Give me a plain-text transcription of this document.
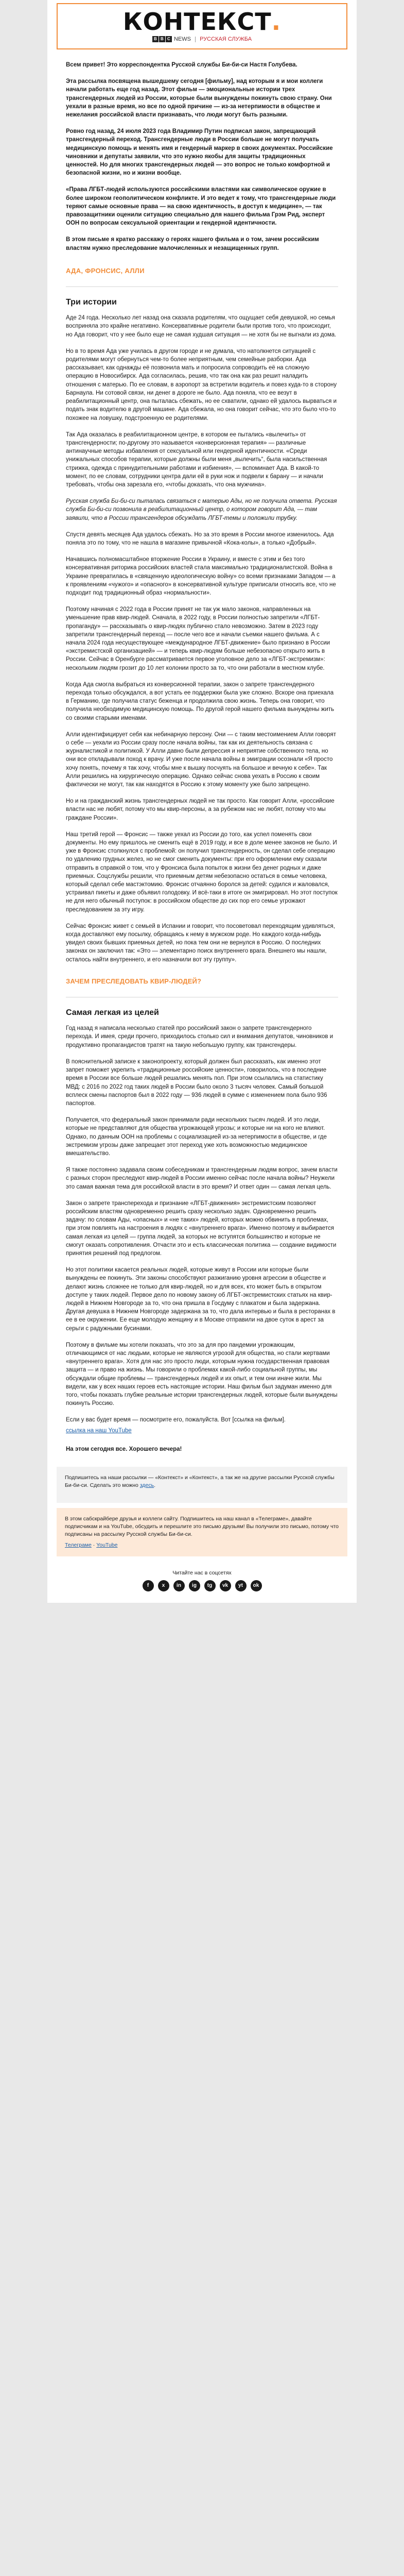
КОНТЕКСТ.
B B C NEWS РУССКАЯ СЛУЖБА

Всем привет! Это корреспондентка Русской службы Би-би-си Настя Голубева.

Эта рассылка посвящена вышедшему сегодня [фильму], над которым я и мои коллеги начали работать еще год назад. Этот фильм — эмоциональные истории трех трансгендерных людей из России, которые были вынуждены покинуть свою страну. Они уехали в разные время, но все по одной причине — из-за нетерпимости в обществе и нежелания российской власти признавать, что люди могут быть разными.

Ровно год назад, 24 июля 2023 года Владимир Путин подписал закон, запрещающий трансгендерный переход. Трансгендерные люди в России больше не могут получать медицинскую помощь и менять имя и гендерный маркер в своих документах. Российские чиновники и депутаты заявили, что это нужно якобы для защиты традиционных ценностей. Но для многих трансгендерных людей — это вопрос не только комфортной и безопасной жизни, но и жизни вообще.

«Права ЛГБТ-людей используются российскими властями как символическое оружие в более широком геополитическом конфликте. И это ведет к тому, что трансгендерные люди теряют самые основные права — на свою идентичность, в доступ к медицине», — так правозащитники оценили ситуацию специально для нашего фильма Грэм Рид, эксперт ООН по вопросам сексуальной ориентации и гендерной идентичности.

В этом письме я кратко расскажу о героях нашего фильма и о том, зачем российским властям нужно преследование малочисленных и незащищенных групп.

АДА, ФРОНСИС, АЛЛИ
Три истории

Аде 24 года. Несколько лет назад она сказала родителям, что ощущает себя девушкой, но семья восприняла это крайне негативно. Консервативные родители были против того, что происходит, но Ада говорит, что у нее было еще не самая худшая ситуация — не хотя бы не выгнали из дома.

Но в то время Ада уже училась в другом городе и не думала, что натолкнется ситуацией с родителями могут обернуться чем-то более неприятным, чем семейные разборки. Ада рассказывает, как однажды её позвонила мать и попросила сопроводить её на сложную операцию в Новосибирск. Ада согласилась, решив, что так она как раз решит наладить отношения с матерью. По ее словам, в аэропорт за встретили водитель и повез куда-то в сторону Барнаула. Ни сотовой связи, ни денег в дороге не было. Ада поняла, что ее везут в реабилитационный центр, она пыталась сбежать, но ее схватили, однако ей удалось вырваться и подать знак водителю в другой машине. Ада сбежала, но она говорит сейчас, что это было что-то похожее на ловушку, подстроенную ее родителями.

Так Ада оказалась в реабилитационном центре, в котором ее пытались «вылечить» от трансгендерности; по-другому это называется «конверсионная терапия» — различные антинаучные методы избавления от сексуальной или гендерной идентичности. «Среди унижальных способов терапии, которые должны были меня „вылечить“, была насильственная стрижка, одежда с принудительными работами и избиения», — вспоминает Ада. В какой-то момент, по ее словам, сотрудники центра дали ей в руки нож и подвели к барану — и начали требовать, чтобы она зарезала его, «чтобы доказать, что она мужчина».

Русская служба Би-би-си пыталась связаться с матерью Ады, но не получила ответа. Русская служба Би-би-си позвонила в реабилитационный центр, о котором говорит Ада, — там заявили, что в России трансгендеров обсуждать ЛГБТ-темы и положили трубку.

Спустя девять месяцев Ада удалось сбежать. Но за это время в России многое изменилось. Ада поняла это по тому, что не нашла в магазине привычной «Кока-колы», а только «Добрый».

Начавшись полномасштабное вторжение России в Украину, и вместе с этим и без того консервативная риторика российских властей стала максимально традиционалистской. Война в Украине превратилась в «священную идеологическую войну» со всеми признаками Западом — а к проявлениям «чужого» и «опасного» в консервативной культуре приписали относить все, что не подходит под традиционный образ «нормальности».

Поэтому начиная с 2022 года в России принят не так уж мало законов, направленных на уменьшение прав квир-людей. Сначала, в 2022 году, в России полностью запретили «ЛГБТ-пропаганду» — рассказывать о квир-людях публично стало невозможно. Затем в 2023 году запретили трансгендерный переход — после чего все и начали съемки нашего фильма. А с начала 2024 года несуществующее «международное ЛГБТ-движение» было признано в России «экстремистской организацией» — и теперь квир-людям больше небезопасно открыто жить в России. Сейчас в Оренбурге рассматривается первое уголовное дело за «ЛГБТ-экстремизм»: нескольким людям грозит до 10 лет колонии просто за то, что они работали в местном клубе.

Когда Ада смогла выбраться из конверсионной терапии, закон о запрете трансгендерного перехода только обсуждался, а вот устать ее поддержки была уже сложно. Вскоре она приехала в Германию, где получила статус беженца и продолжила свою жизнь. Теперь она говорит, что получила необходимую медицинскую помощь. По другой герой нашего фильма вынуждены жить со своими старыми именами.

Алли идентифицирует себя как небинарную персону. Они — с таким местоимением Алли говорят о себе — уехали из России сразу после начала войны, так как их деятельность связана с журналистикой и политикой. У Алли давно были депрессия и неприятие собственного тела, но они все откладывали поход к врачу. И уже после начала войны в эмиграции осознали «Я просто хочу понять, почему я так хочу, чтобы мне к вышку посчуять на большое и вечную к себе». Так Алли решились на хирургическую операцию. Однако сейчас снова уехать в Россию к своим фактически не могут, так как находятся в Россию к этому моменту уже было запрещено.

Но и на гражданский жизнь трансгендерных людей не так просто. Как говорит Алли, «российские власти нас не любят, потому что мы квир-персоны, а за рубежом нас не любят, потому что мы граждане России».

Наш третий герой — Фронсис — также уехал из России до того, как успел поменять свои документы. Но ему пришлось не сменить ещё в 2019 году, и все в доле менее законов не было. И уже в Фронсис столкнулся с проблемой: он получил трансгендерность, он сделал себе операцию по удалению грудных желез, но не смог сменить документы: при его оформлении ему сказали отправить в справкой о том, что у Фронсиса была попыток в жизни без денег родных и даже приемных. Соцслужбы решили, что приемным детям небезопасно остаться в семье человека, который сделал себе мастэктомию. Фронсис отчаянно боролся за детей: судился и жаловался, устраивал пикеты и даже объявил голодовку. И всё-таки в итоге он эмигрировал. Но этот поступок не для него обычный поступок: в российском обществе до сих пор его семье угрожают преследованием за эту игру.

Сейчас Фронсис живет с семьей в Испании и говорит, что посоветовал переходящим удивляться, когда доставляют ему посылку, обращаясь к нему в мужском роде. Но каждого когда-нибудь увидел своих бывших приемных детей, но пока тем они не вернулся в Россию. О последних законах он заключил так: «Это — элементарно поиск внутреннего врага. Внешнего мы нашли, осталось найти внутреннего, и его назначили вот эту группу».

ЗАЧЕМ ПРЕСЛЕДОВАТЬ КВИР-ЛЮДЕЙ?
Самая легкая из целей

Год назад я написала несколько статей про российский закон о запрете трансгендерного перехода. И имея, среди прочего, приходилось столько сил и внимания депутатов, чиновников и продуктивно пропагандистов тратят на такую небольшую группу, как трансгендеры.

В пояснительной записке к законопроекту, который должен был рассказать, как именно этот запрет поможет укрепить «традиционные российские ценности», говорилось, что в последние время в России все больше людей решались менять пол. При этом ссылались на статистику МВД: с 2016 по 2022 год таких людей в России было около 3 тысяч человек. Самый большой всплеск смены паспортов был в 2022 году — 936 людей в сумме с изменением пола было 936 паспортов.

Получается, что федеральный закон принимали ради нескольких тысяч людей. И это люди, которые не представляют для общества угрожающей угрозы; и которые ни на кого не влияют. Однако, по данным ООН на проблемы с социализацией из-за нетерпимости в обществе, и где экстремизм угрозы даже запрещает этот переход уже хоть возможностью медицинское вмешательство.

Я также постоянно задавала своим собеседникам и трансгендерным людям вопрос, зачем власти с разных сторон преследуют квир-людей в России именно сейчас после начала войны? Неужели это самая важная тема для российской власти в это время? И ответ один — самая легкая цель.

Закон о запрете трансперехода и признание «ЛГБТ-движения» экстремистским позволяют российским властям одновременно решить сразу несколько задач. Одновременно решить задачу: по словам Ады, «опасных» и «не таких» людей, которых можно обвинить в проблемах, при этом повлиять на настроения в людях с «внутреннего врага». Именно поэтому и выбирается самая легкая из целей — группа людей, за которых не вступятся большинство и которые не смогут оказать сопротивления. Отчасти это и есть классическая политика — создание видимости принятия решений под предлогом.

Но этот политики касается реальных людей, которые живут в России или которые были вынуждены ее покинуть. Эти законы способствуют разжиганию уровня агрессии в обществе и делают жизнь сложнее не только для квир-людей, но и для всех, кто может быть в открытом доступе у таких людей. Первое дело по новому закону об ЛГБТ-экстремистских статьях на квир-людей в Нижнем Новгороде за то, что она пришла в Госдуму с плакатом и была задержана. Другая девушка в Нижнем Новгороде задержана за то, что дала интервью и была в ресторанах в ее в ее окружении. Ее еще молодую женщину и в Москве отправили на двое суток в арест за серьги с радужными бусинами.

Поэтому в фильме мы хотели показать, что это за для про пандемии угрожающим, отличающимся от нас людьми, которые не являются угрозой для общества, но стали жертвами «внутреннего врага». Хотя для нас это просто люди, которым нужна государственная правовая защита — и право на жизнь. Мы говорили о проблемах какой-либо социальной группы, мы обсуждали общие проблемы — трансгендерных людей и их опыт, и тем они иначе жили. Мы видели, как у всех наших героев есть настоящие истории. Наш фильм был задуман именно для того, чтобы показать глубже реальные истории трансгендерных людей, которые были вынуждены покинуть Россию.

Если у вас будет время — посмотрите его, пожалуйста. Вот [ссылка на фильм].

ссылка на наш YouTube

На этом сегодня все. Хорошего вечера!

Подпишитесь на наши рассылки — «Контекст» и «Контекст», а так же на другие рассылки Русской службы Би-би-си. Сделать это можно здесь.

В этом сабскрайбере друзья и коллеги сайту. Подпишитесь на наш канал в «Телеграме», давайте подписчикам и на YouTube, обсудить и перешлите это письмо друзьям! Вы получили это письмо, потому что подписаны на рассылку Русской службы Би-би-си.

Телеграме · YouTube

Читайте нас в соцсетях
f	x	in	ig	tg	vk	yt	ok
